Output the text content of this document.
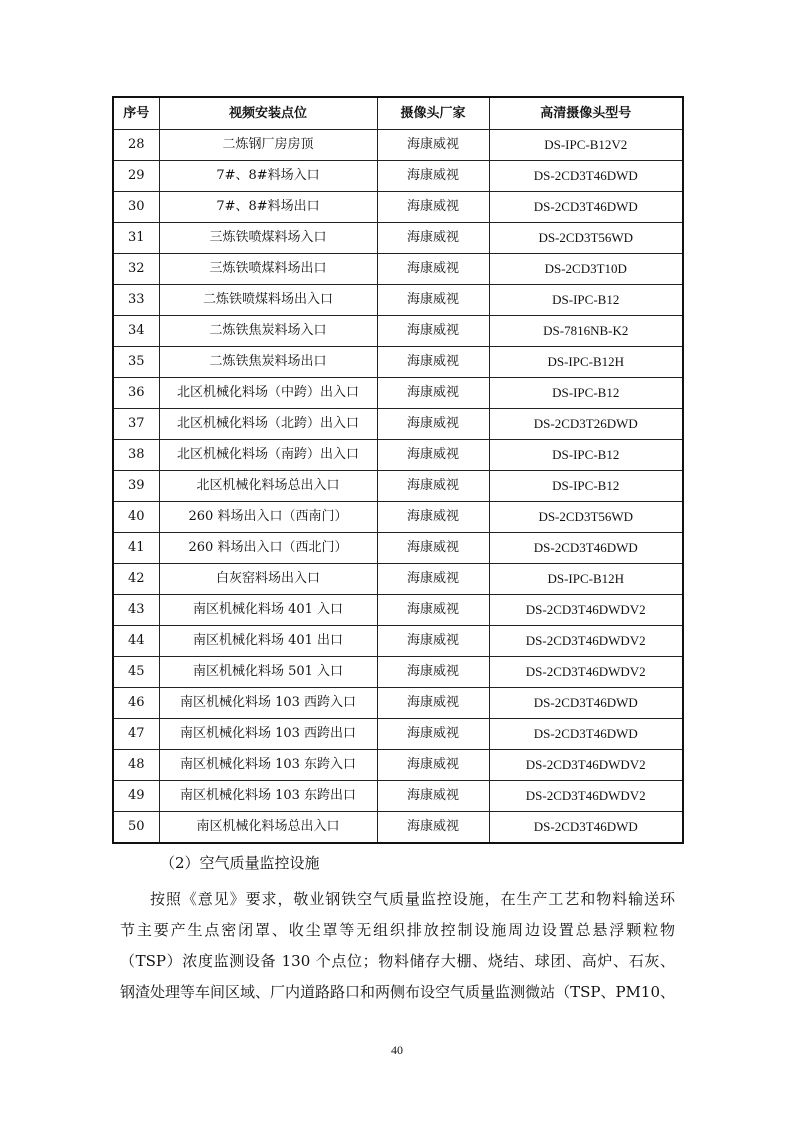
序号	视频安装点位	摄像头厂家	高清摄像头型号
28	二炼钢厂房房顶	海康威视	DS-IPC-B12V2
29	7#、8#料场入口	海康威视	DS-2CD3T46DWD
30	7#、8#料场出口	海康威视	DS-2CD3T46DWD
31	三炼铁喷煤料场入口	海康威视	DS-2CD3T56WD
32	三炼铁喷煤料场出口	海康威视	DS-2CD3T10D
33	二炼铁喷煤料场出入口	海康威视	DS-IPC-B12
34	二炼铁焦炭料场入口	海康威视	DS-7816NB-K2
35	二炼铁焦炭料场出口	海康威视	DS-IPC-B12H
36	北区机械化料场（中跨）出入口	海康威视	DS-IPC-B12
37	北区机械化料场（北跨）出入口	海康威视	DS-2CD3T26DWD
38	北区机械化料场（南跨）出入口	海康威视	DS-IPC-B12
39	北区机械化料场总出入口	海康威视	DS-IPC-B12
40	260 料场出入口（西南门）	海康威视	DS-2CD3T56WD
41	260 料场出入口（西北门）	海康威视	DS-2CD3T46DWD
42	白灰窑料场出入口	海康威视	DS-IPC-B12H
43	南区机械化料场 401 入口	海康威视	DS-2CD3T46DWDV2
44	南区机械化料场 401 出口	海康威视	DS-2CD3T46DWDV2
45	南区机械化料场 501 入口	海康威视	DS-2CD3T46DWDV2
46	南区机械化料场 103 西跨入口	海康威视	DS-2CD3T46DWD
47	南区机械化料场 103 西跨出口	海康威视	DS-2CD3T46DWD
48	南区机械化料场 103 东跨入口	海康威视	DS-2CD3T46DWDV2
49	南区机械化料场 103 东跨出口	海康威视	DS-2CD3T46DWDV2
50	南区机械化料场总出入口	海康威视	DS-2CD3T46DWD
（2）空气质量监控设施

按照《意见》要求，敬业钢铁空气质量监控设施，在生产工艺和物料输送环

节主要产生点密闭罩、收尘罩等无组织排放控制设施周边设置总悬浮颗粒物

（TSP）浓度监测设备 130 个点位；物料储存大棚、烧结、球团、高炉、石灰、

钢渣处理等车间区域、厂内道路路口和两侧布设空气质量监测微站（TSP、PM10、

40
